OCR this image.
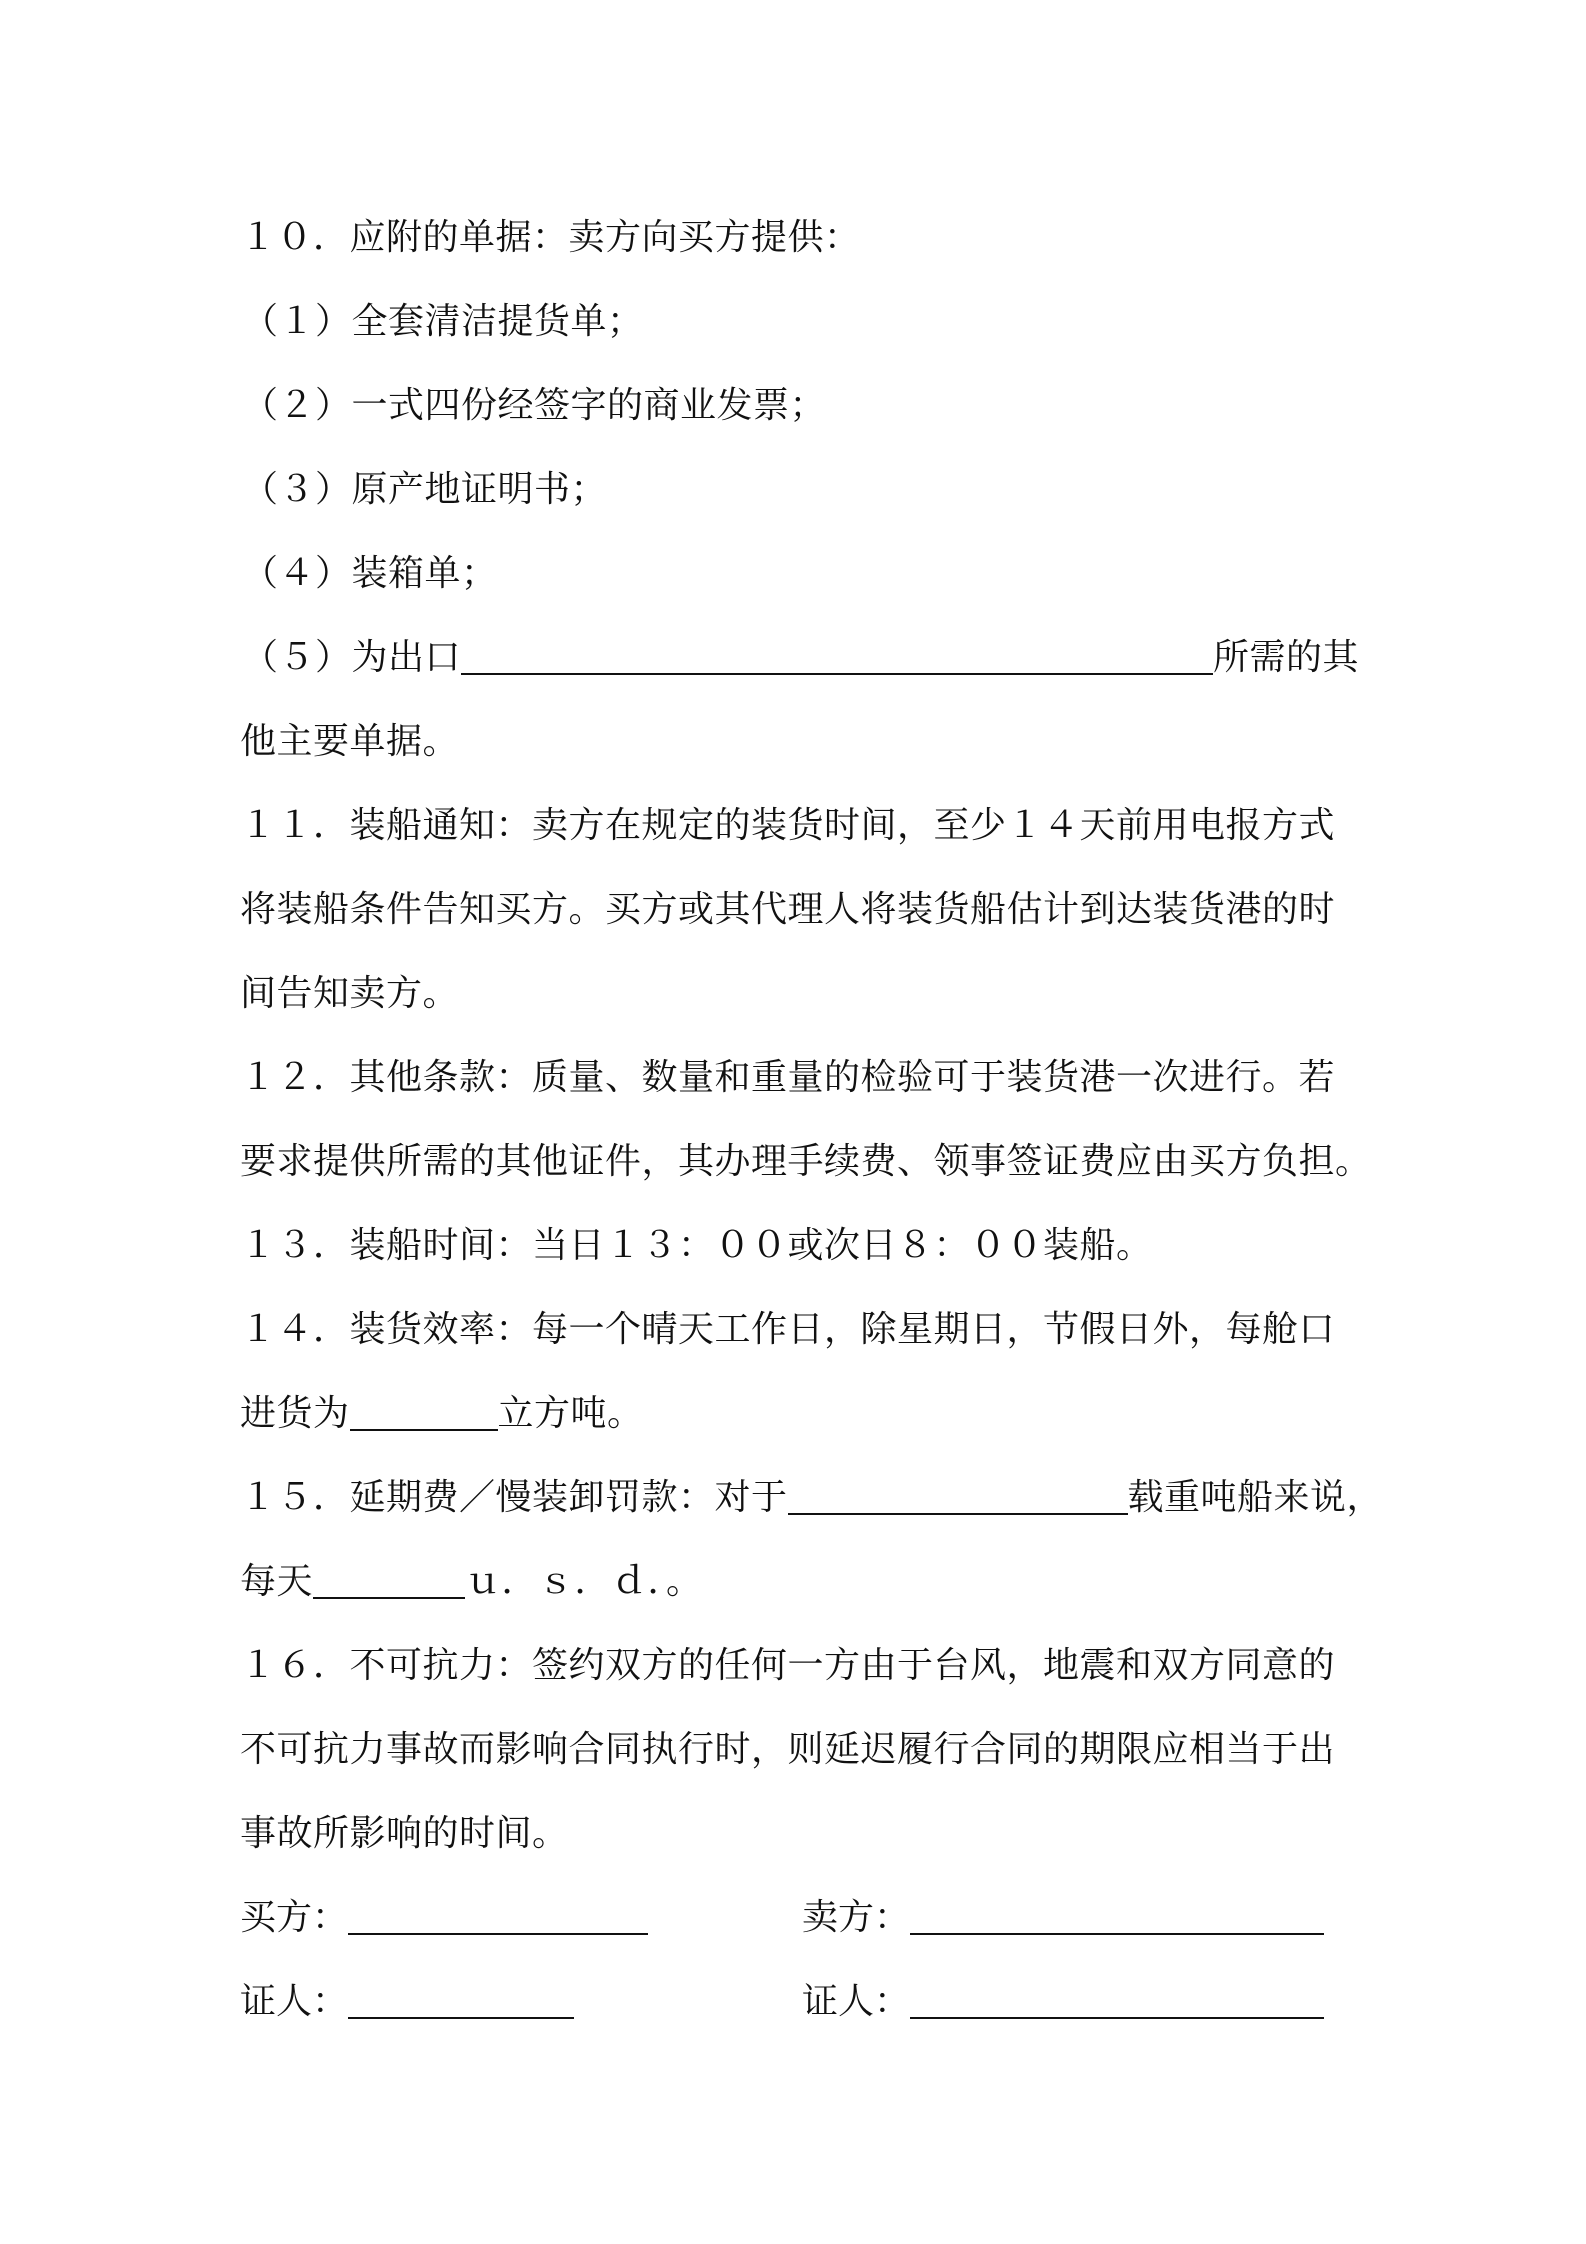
１０．应附的单据：卖方向买方提供：
（１）全套清洁提货单；
（２）一式四份经签字的商业发票；
（３）原产地证明书；
（４）装箱单；
（５）为出口	所需的其
他主要单据。
１１．装船通知：卖方在规定的装货时间，至少１４天前用电报方式
将装船条件告知买方。买方或其代理人将装货船估计到达装货港的时
间告知卖方。
１２．其他条款：质量、数量和重量的检验可于装货港一次进行。若
要求提供所需的其他证件，其办理手续费、领事签证费应由买方负担。
１３．装船时间：当日１３：００或次日８：００装船。
１４．装货效率：每一个晴天工作日，除星期日，节假日外，每舱口
进货为	立方吨。
１５．延期费／慢装卸罚款：对于	载重吨船来说，
每天	ｕ．ｓ．ｄ．。
１６．不可抗力：签约双方的任何一方由于台风，地震和双方同意的
不可抗力事故而影响合同执行时，则延迟履行合同的期限应相当于出
事故所影响的时间。
买方：	卖方：
证人：	证人：
